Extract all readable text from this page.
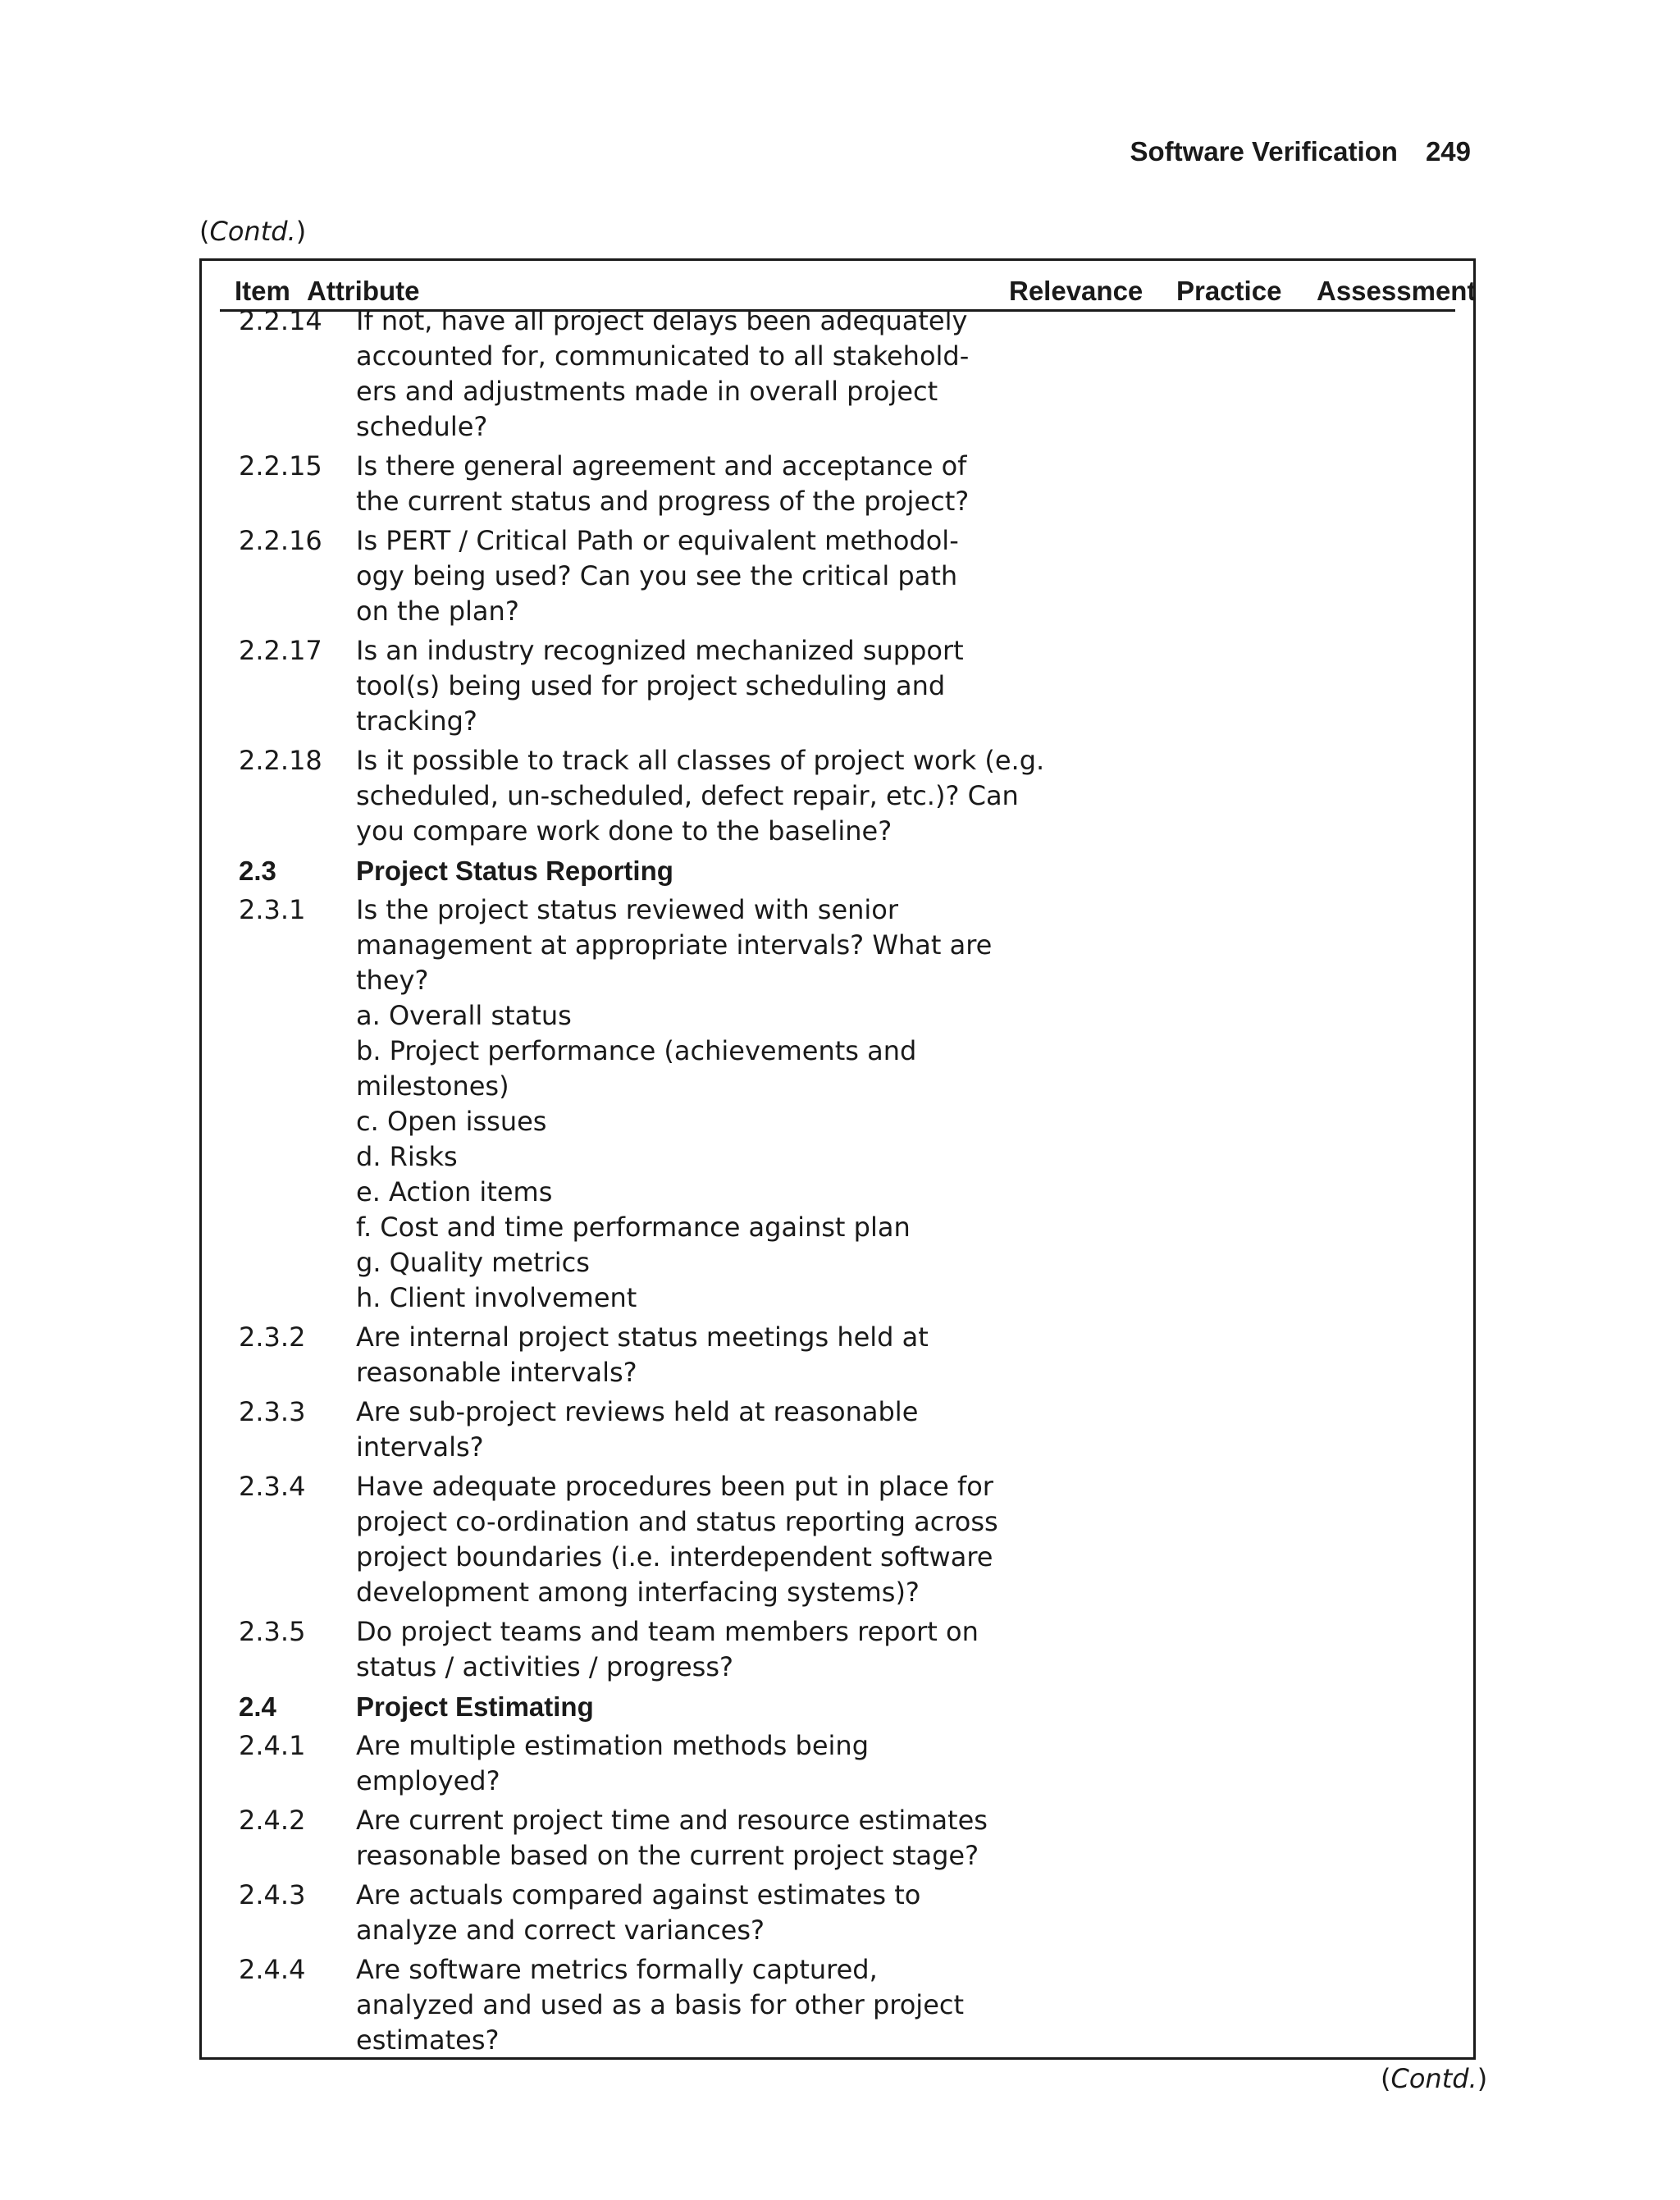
Software Verification 249
(Contd.)
Item Attribute	Relevance Practice Assessment
2.2.14 If not, have all project delays been adequately
accounted for, communicated to all stakehold-
ers and adjustments made in overall project
schedule?
2.2.15 Is there general agreement and acceptance of
the current status and progress of the project?
2.2.16 Is PERT / Critical Path or equivalent methodol-
ogy being used? Can you see the critical path
on the plan?
2.2.17 Is an industry recognized mechanized support
tool(s) being used for project scheduling and
tracking?
2.2.18 Is it possible to track all classes of project work (e.g.
scheduled, un-scheduled, defect repair, etc.)? Can
you compare work done to the baseline?
2.3	Project Status Reporting
2.3.1 Is the project status reviewed with senior
management at appropriate intervals? What are
they?
a. Overall status
b. Project performance (achievements and
milestones)
c. Open issues
d. Risks
e. Action items
f. Cost and time performance against plan
g. Quality metrics
h. Client involvement
2.3.2 Are internal project status meetings held at
reasonable intervals?
2.3.3 Are sub-project reviews held at reasonable
intervals?
2.3.4 Have adequate procedures been put in place for
project co-ordination and status reporting across
project boundaries (i.e. interdependent software
development among interfacing systems)?
2.3.5 Do project teams and team members report on
status / activities / progress?
2.4	Project Estimating
2.4.1 Are multiple estimation methods being
employed?
2.4.2 Are current project time and resource estimates
reasonable based on the current project stage?
2.4.3 Are actuals compared against estimates to
analyze and correct variances?
2.4.4 Are software metrics formally captured,
analyzed and used as a basis for other project
estimates?
(Contd.)
